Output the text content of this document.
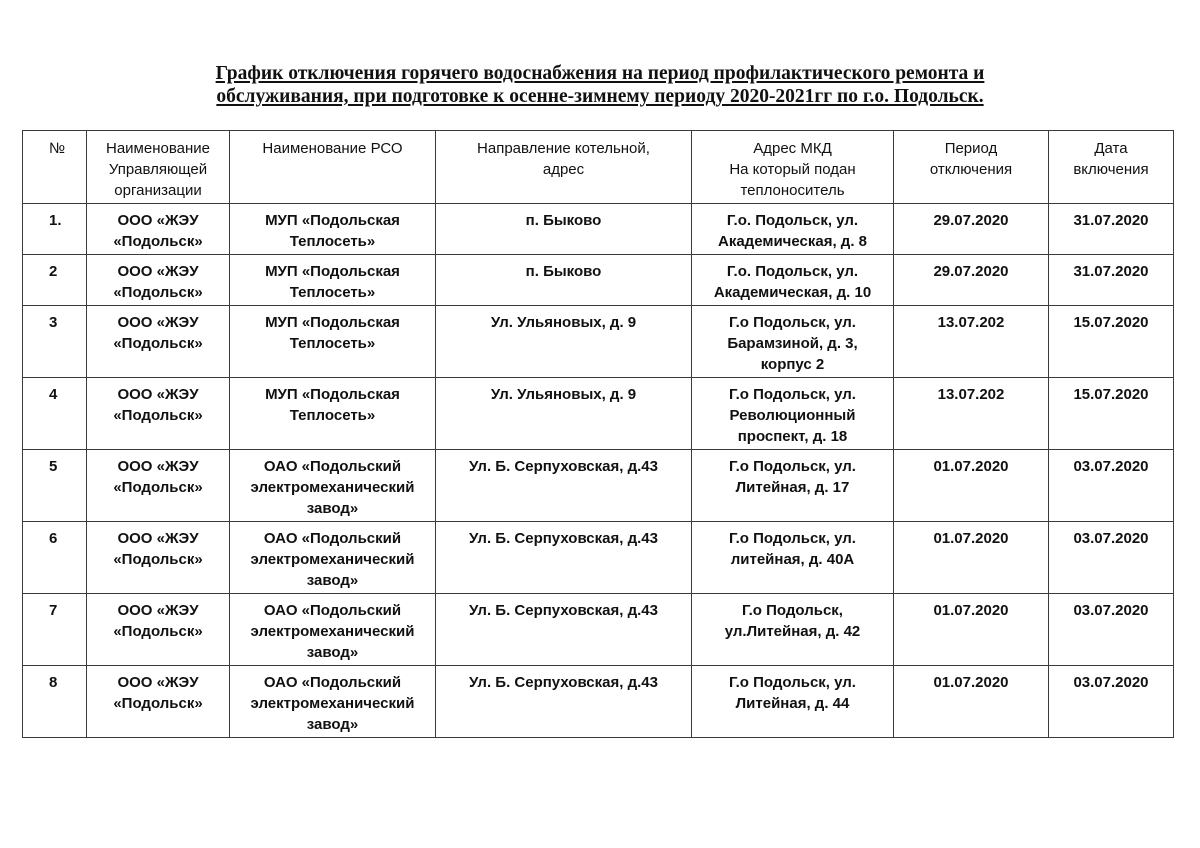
График отключения горячего водоснабжения на период профилактического ремонта и
обслуживания, при подготовке к осенне-зимнему периоду 2020-2021гг по г.о. Подольск.
№	Наименование
Управляющей
организации	Наименование РСО	Направление котельной,
адрес	Адрес МКД
На который подан
теплоноситель	Период
отключения	Дата
включения

1.	ООО «ЖЭУ
«Подольск»	МУП «Подольская
Теплосеть»	п. Быково	Г.о. Подольск, ул.
Академическая, д. 8	29.07.2020	31.07.2020
2	ООО «ЖЭУ
«Подольск»	МУП «Подольская
Теплосеть»	п. Быково	Г.о. Подольск, ул.
Академическая, д. 10	29.07.2020	31.07.2020
3	ООО «ЖЭУ
«Подольск»	МУП «Подольская
Теплосеть»	Ул. Ульяновых, д. 9	Г.о Подольск, ул.
Барамзиной, д. 3,
корпус 2	13.07.202	15.07.2020
4	ООО «ЖЭУ
«Подольск»	МУП «Подольская
Теплосеть»	Ул. Ульяновых, д. 9	Г.о Подольск, ул.
Революционный
проспект, д. 18	13.07.202	15.07.2020
5	ООО «ЖЭУ
«Подольск»	ОАО «Подольский
электромеханический
завод»	Ул. Б. Серпуховская, д.43	Г.о Подольск, ул.
Литейная, д. 17	01.07.2020	03.07.2020
6	ООО «ЖЭУ
«Подольск»	ОАО «Подольский
электромеханический
завод»	Ул. Б. Серпуховская, д.43	Г.о Подольск, ул.
литейная, д. 40А	01.07.2020	03.07.2020
7	ООО «ЖЭУ
«Подольск»	ОАО «Подольский
электромеханический
завод»	Ул. Б. Серпуховская, д.43	Г.о Подольск,
ул.Литейная, д. 42	01.07.2020	03.07.2020
8	ООО «ЖЭУ
«Подольск»	ОАО «Подольский
электромеханический
завод»	Ул. Б. Серпуховская, д.43	Г.о Подольск, ул.
Литейная, д. 44	01.07.2020	03.07.2020
